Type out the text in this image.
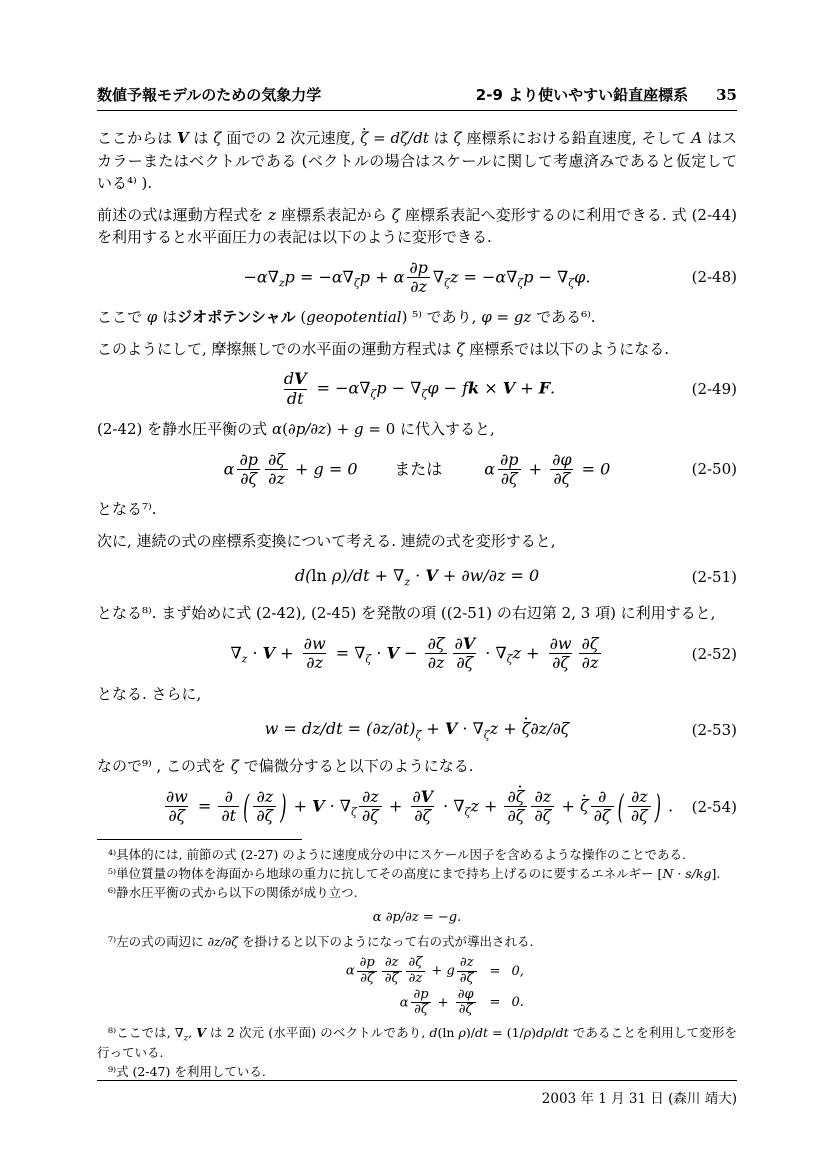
数値予報モデルのための気象力学	2-9 より使いやすい鉛直座標系 35

ここからは V は ζ 面での 2 次元速度, ζ · = dζ/dt は ζ 座標系における鉛直速度, そして A はスカラーまたはベクトルである (ベクトルの場合はスケールに関して考慮済みであると仮定している⁴⁾ ).

前述の式は運動方程式を z 座標系表記から ζ 座標系表記へ変形するのに利用できる. 式 (2-44) を利用すると水平面圧力の表記は以下のように変形できる.

$-\alpha\nabla_zp = -\alpha\nabla_\zeta p + \alpha \frac{\partial p}{\partial z} \nabla_\zeta z = -\alpha\nabla_\zeta p - \nabla_\zeta\varphi$.	(2-48)

ここで φ はジオポテンシャル (geopotential) ⁵⁾ であり, φ = gz である⁶⁾.

このようにして, 摩擦無しでの水平面の運動方程式は ζ 座標系では以下のようになる.

$\frac{dV}{dt} = -\alpha\nabla_\zeta p - \nabla_\zeta\varphi$ − fk × V + F.	(2-49)

(2-42) を静水圧平衡の式 α(∂p/∂z) + g = 0 に代入すると,

α $\frac{\partial p}{\partial\zeta} \frac{\partial\zeta}{\partial z} + g = 0$ または α $\frac{\partial p}{\partial\zeta} + \frac{\partial\varphi}{\partial\zeta} = 0$	(2-50)

となる⁷⁾.

次に, 連続の式の座標系変換について考える. 連続の式を変形すると,

d(ln $\rho)/dt + \nabla_z \cdot V + \partial w/\partial z = 0$	(2-51)

となる⁸⁾. まず始めに式 (2-42), (2-45) を発散の項 ((2-51) の右辺第 2, 3 項) に利用すると,

$\nabla_z \cdot V + \frac{\partial w}{\partial z} = \nabla_\zeta \cdot V - \frac{\partial\zeta}{\partial z} \frac{\partial V}{\partial\zeta} \cdot \nabla_\zeta z + \frac{\partial w}{\partial\zeta} \frac{\partial\zeta}{\partial z}$	(2-52)

となる. さらに,

$w = dz/dt = (\partial z/\partial t)_\zeta + V \cdot \nabla_\zeta z + \zeta \cdot\partial z/\partial\zeta$	(2-53)

なので⁹⁾ , この式を ζ で偏微分すると以下のようになる.

$\frac{\partial w}{\partial\zeta} = \frac{\partial}{\partial t}$ ( $\frac{\partial z}{\partial\zeta}$ ) + $V \cdot \nabla_\zeta \frac{\partial z}{\partial\zeta} + \frac{\partial V}{\partial\zeta} \cdot \nabla_\zeta z + \frac{\partial\zeta \cdot}{\partial\zeta} \frac{\partial z}{\partial\zeta} + \zeta \cdot \frac{\partial}{\partial\zeta}$ ( $\frac{\partial z}{\partial\zeta}$ ) . (2-54)

⁴⁾具体的には, 前節の式 (2-27) のように速度成分の中にスケール因子を含めるような操作のことである.

⁵⁾単位質量の物体を海面から地球の重力に抗してその高度にまで持ち上げるのに要するエネルギー [N · s/kg].

⁶⁾静水圧平衡の式から以下の関係が成り立つ.

α ∂p/∂z = −g.

⁷⁾左の式の両辺に ∂z/∂ζ を掛けると以下のようになって右の式が導出される.

α $\frac{\partial p}{\partial\zeta} \frac{\partial z}{\partial\zeta} \frac{\partial\zeta}{\partial z} + g \frac{\partial z}{\partial\zeta} = 0$,
α $\frac{\partial p}{\partial\zeta} + \frac{\partial\varphi}{\partial\zeta} = 0$.

⁸⁾ここでは, $\nabla_z$, V は 2 次元 (水平面) のベクトルであり, d(ln ρ)/dt = (1/ρ)dρ/dt であることを利用して変形を行っている.

⁹⁾式 (2-47) を利用している.

2003 年 1 月 31 日 (森川 靖大)
